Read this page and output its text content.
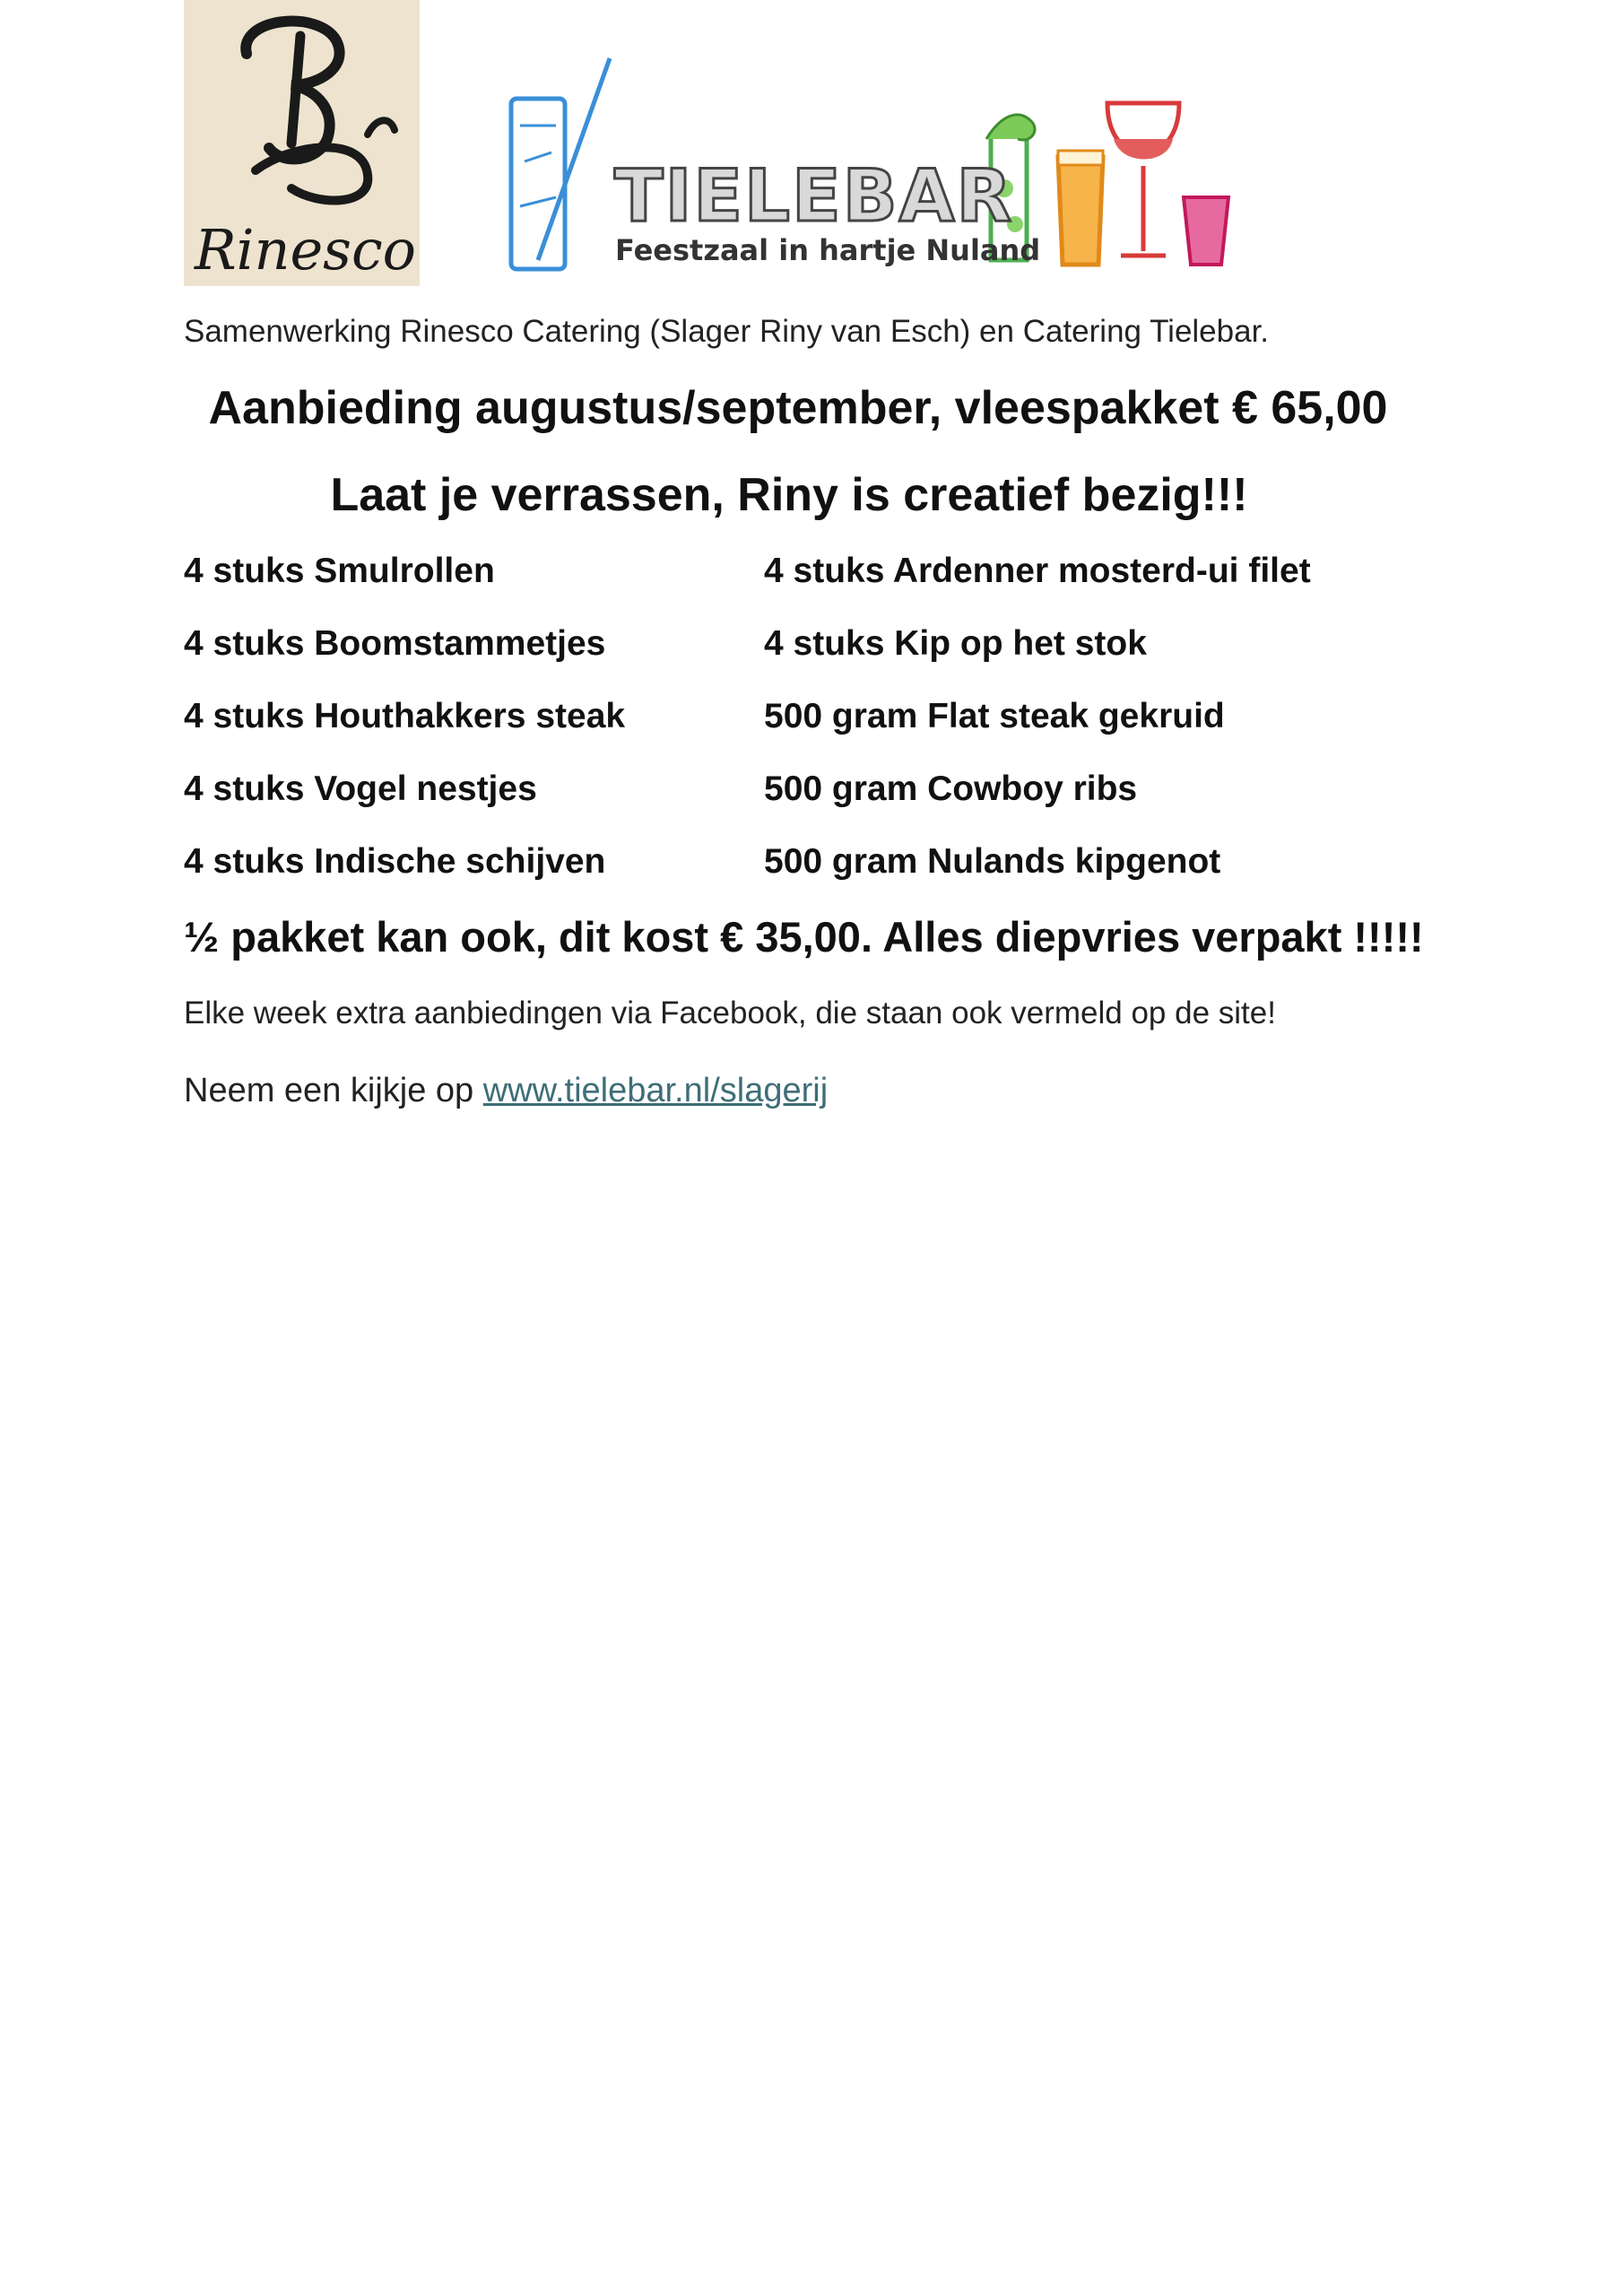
Rinesco
TIELEBAR
Feestzaal in hartje Nuland
Samenwerking Rinesco Catering (Slager Riny van Esch) en Catering Tielebar.
Aanbieding augustus/september, vleespakket € 65,00
Laat je verrassen, Riny is creatief bezig!!!
4 stuks Smulrollen
4 stuks Boomstammetjes
4 stuks Houthakkers steak
4 stuks Vogel nestjes
4 stuks Indische schijven
4 stuks Ardenner mosterd-ui filet
4 stuks Kip op het stok
500 gram Flat steak gekruid
500 gram Cowboy ribs
500 gram Nulands kipgenot
½ pakket kan ook, dit kost € 35,00. Alles diepvries verpakt !!!!!
Elke week extra aanbiedingen via Facebook, die staan ook vermeld op de site!
Neem een kijkje op www.tielebar.nl/slagerij
